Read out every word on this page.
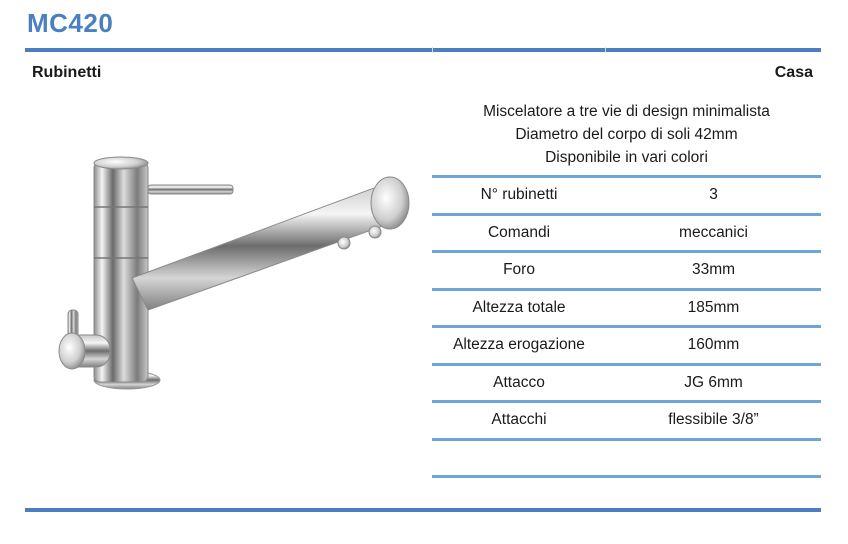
MC420
Rubinetti	Casa
Miscelatore a tre vie di design minimalista
Diametro del corpo di soli 42mm
Disponibile in vari colori
N° rubinetti	3
Comandi	meccanici
Foro	33mm
Altezza totale	185mm
Altezza erogazione	160mm
Attacco	JG 6mm
Attacchi	flessibile 3/8”
